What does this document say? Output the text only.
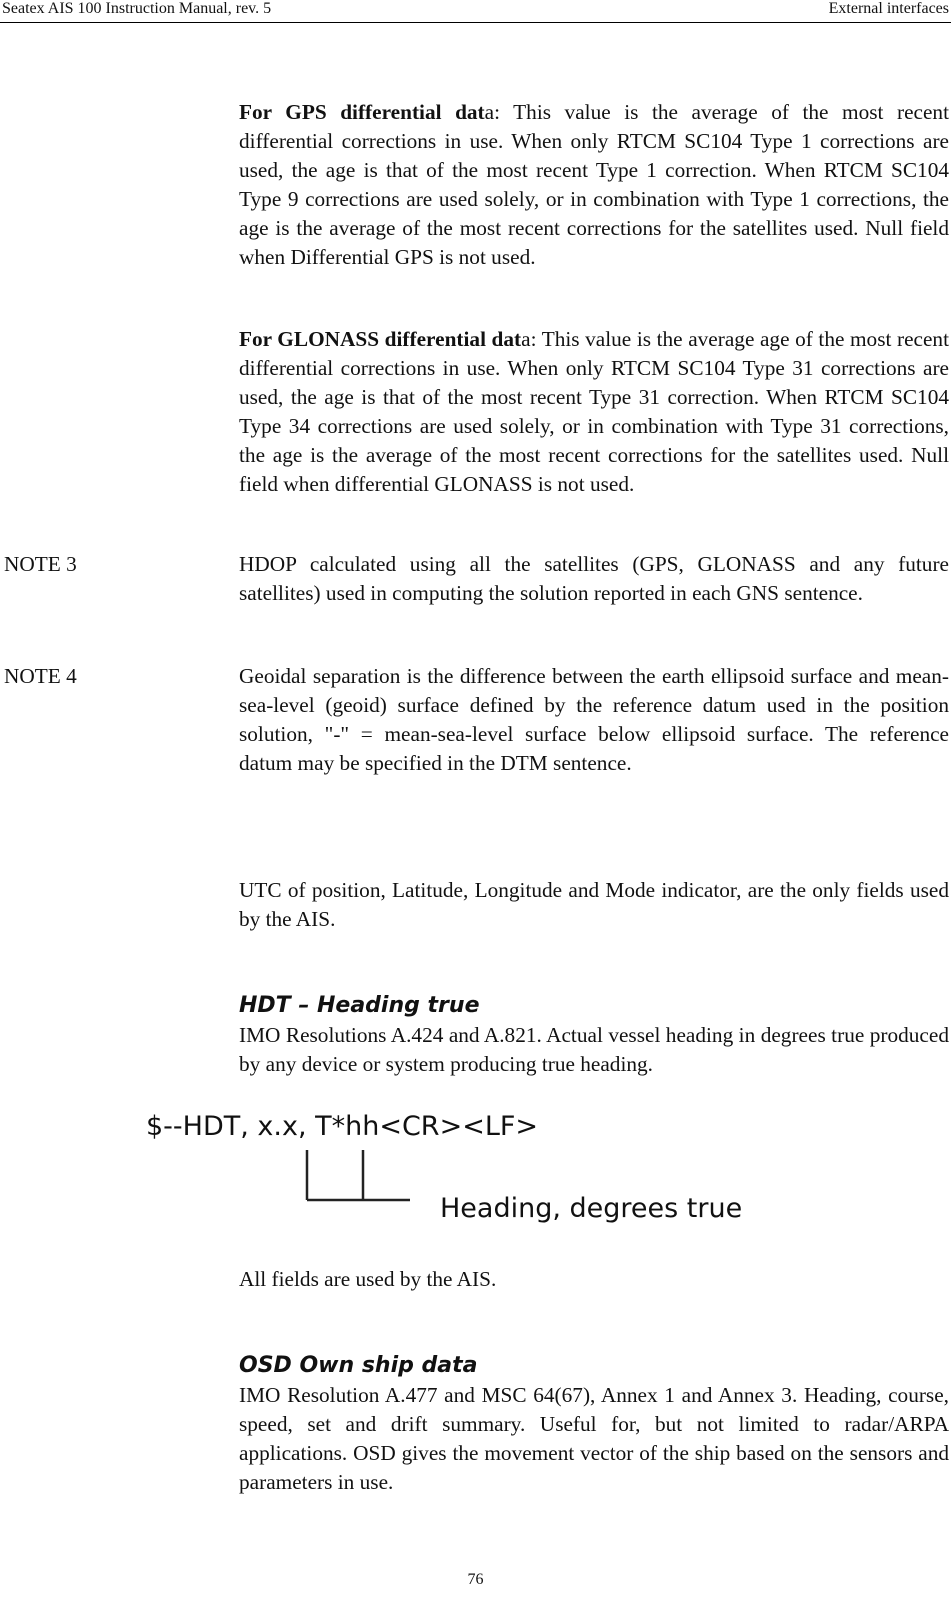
Seatex AIS 100 Instruction Manual, rev. 5	External interfaces

For GPS differential data: This value is the average of the most recent differential corrections in use. When only RTCM SC104 Type 1 corrections are used, the age is that of the most recent Type 1 correction. When RTCM SC104 Type 9 corrections are used solely, or in combination with Type 1 corrections, the age is the average of the most recent corrections for the satellites used. Null field when Differential GPS is not used.

For GLONASS differential data: This value is the average age of the most recent differential corrections in use. When only RTCM SC104 Type 31 corrections are used, the age is that of the most recent Type 31 correction. When RTCM SC104 Type 34 corrections are used solely, or in combination with Type 31 corrections, the age is the average of the most recent corrections for the satellites used. Null field when differential GLONASS is not used.

NOTE 3	HDOP calculated using all the satellites (GPS, GLONASS and any future satellites) used in computing the solution reported in each GNS sentence.

NOTE 4	Geoidal separation is the difference between the earth ellipsoid surface and mean-sea-level (geoid) surface defined by the reference datum used in the position solution, "-" = mean-sea-level surface below ellipsoid surface. The reference datum may be specified in the DTM sentence.

UTC of position, Latitude, Longitude and Mode indicator, are the only fields used by the AIS.

HDT – Heading true

IMO Resolutions A.424 and A.821. Actual vessel heading in degrees true produced by any device or system producing true heading.

$--HDT, x.x, T*hh<CR><LF>
Heading, degrees true

All fields are used by the AIS.

OSD Own ship data

IMO Resolution A.477 and MSC 64(67), Annex 1 and Annex 3. Heading, course, speed, set and drift summary. Useful for, but not limited to radar/ARPA applications. OSD gives the movement vector of the ship based on the sensors and parameters in use.

76
